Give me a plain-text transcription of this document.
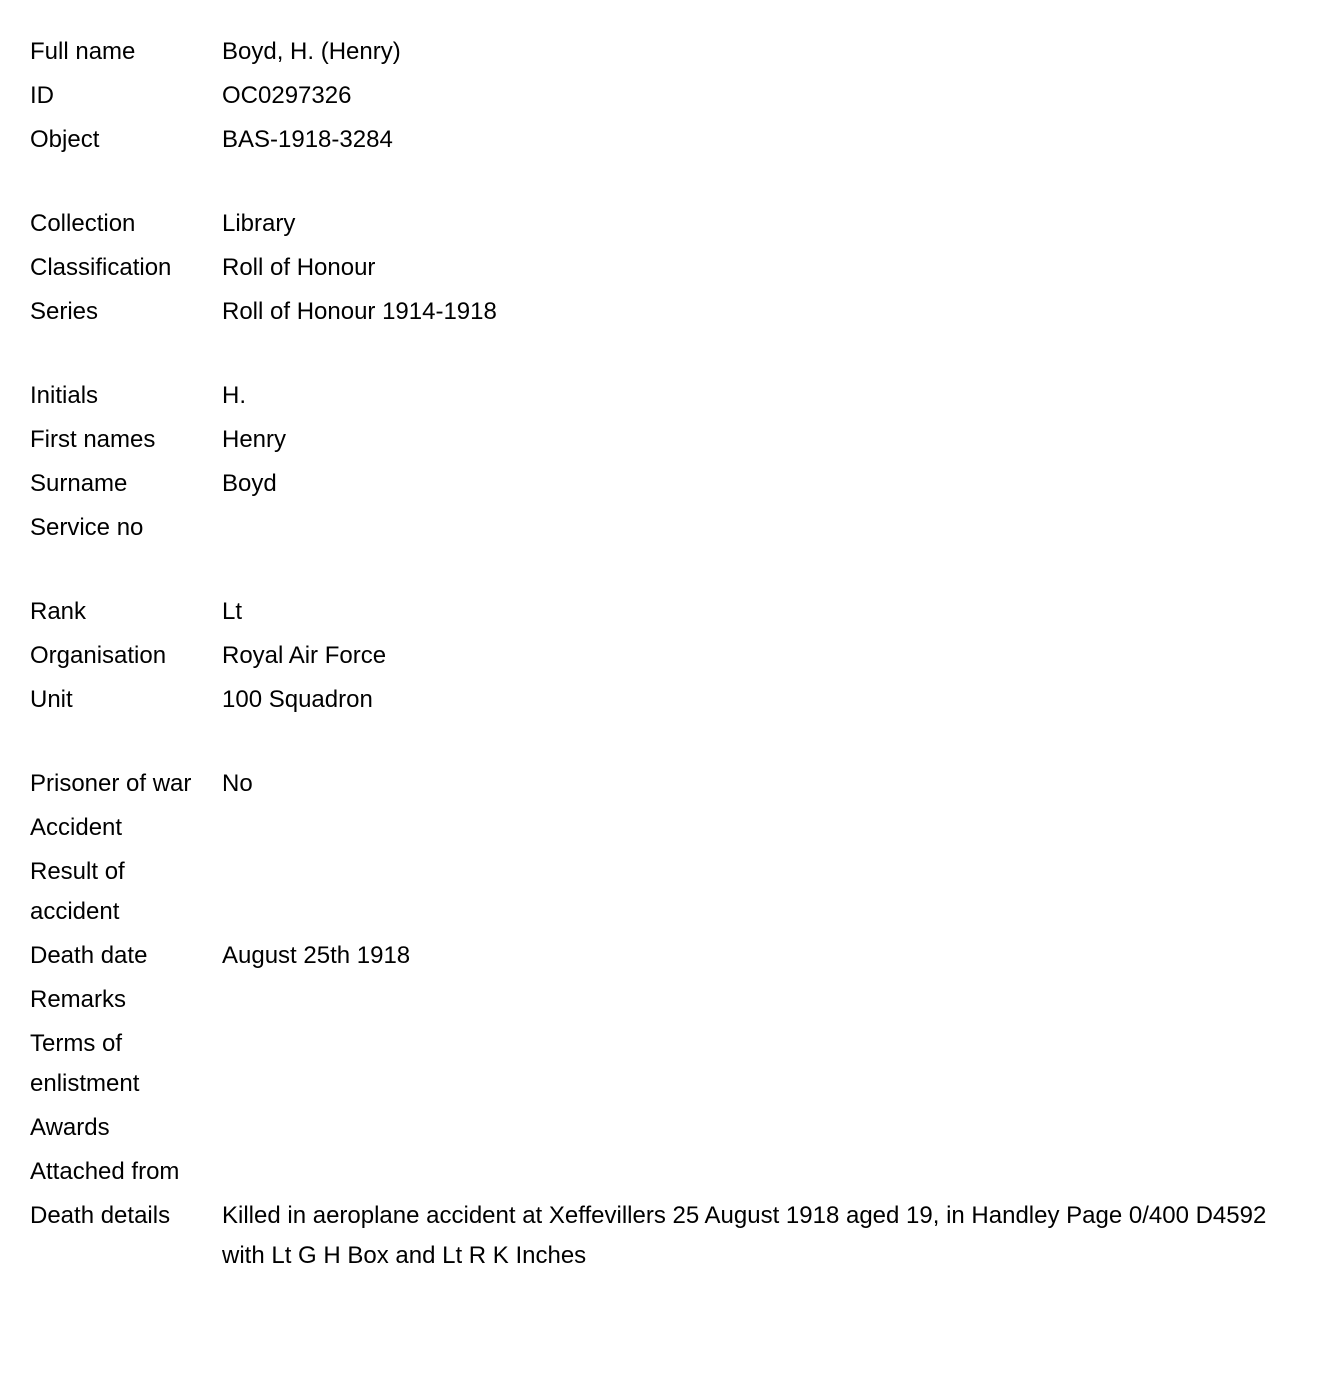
Full name	Boyd, H. (Henry)
ID	OC0297326
Object	BAS-1918-3284
Collection	Library
Classification	Roll of Honour
Series	Roll of Honour 1914-1918
Initials	H.
First names	Henry
Surname	Boyd
Service no
Rank	Lt
Organisation	Royal Air Force
Unit	100 Squadron
Prisoner of war	No
Accident
Result of accident
Death date	August 25th 1918
Remarks
Terms of enlistment
Awards
Attached from
Death details	Killed in aeroplane accident at Xeffevillers 25 August 1918 aged 19, in Handley Page 0/400 D4592 with Lt G H Box and Lt R K Inches
